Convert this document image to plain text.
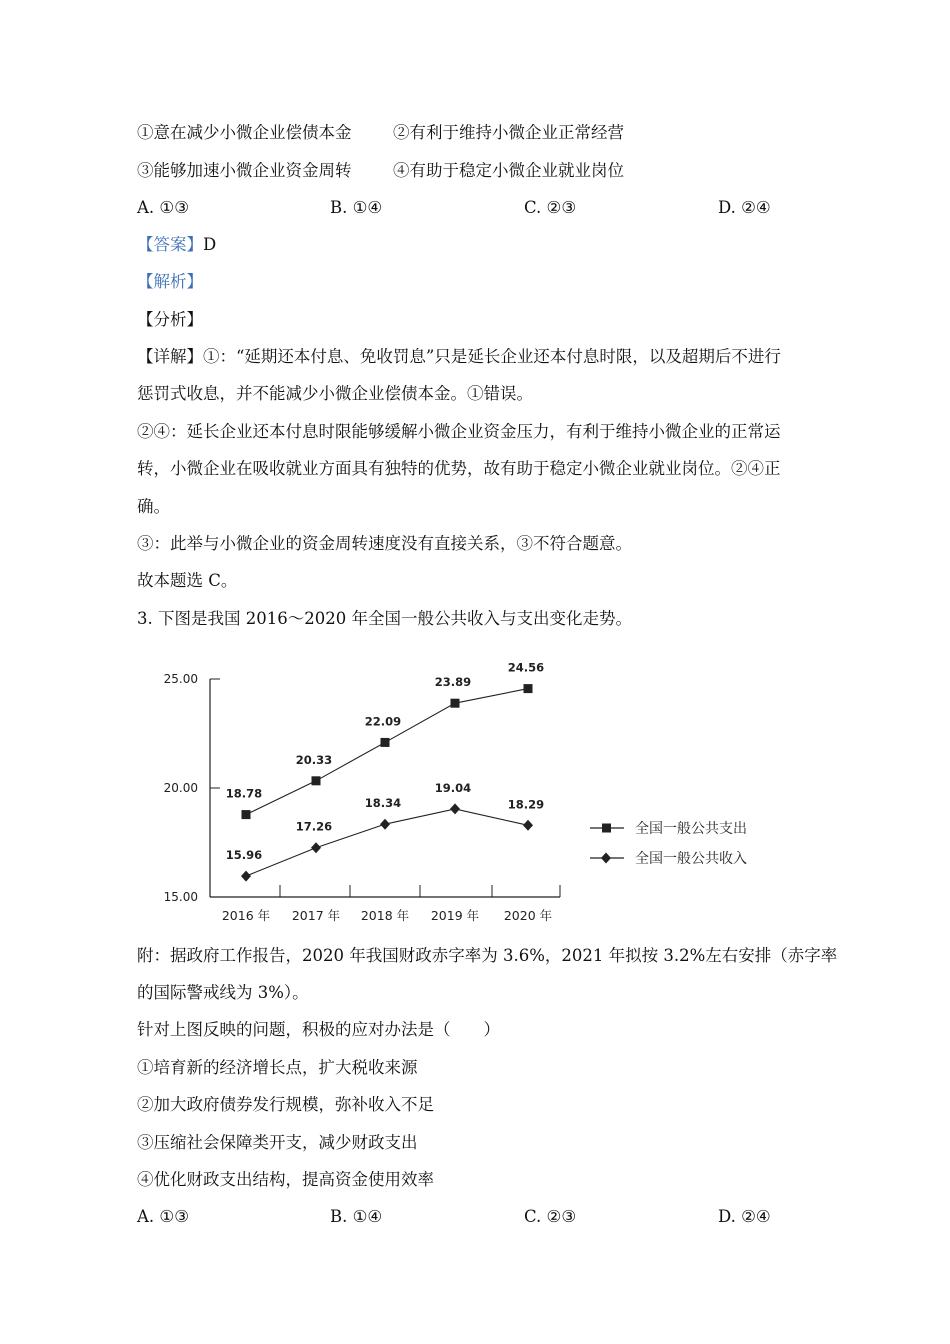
①意在减少小微企业偿债本金	②有利于维持小微企业正常经营
③能够加速小微企业资金周转	④有助于稳定小微企业就业岗位
A. ①③	B. ①④	C. ②③	D. ②④
【答案】D
【解析】
【分析】
【详解】①：“延期还本付息、免收罚息”只是延长企业还本付息时限，以及超期后不进行
惩罚式收息，并不能减少小微企业偿债本金。①错误。
②④：延长企业还本付息时限能够缓解小微企业资金压力，有利于维持小微企业的正常运
转，小微企业在吸收就业方面具有独特的优势，故有助于稳定小微企业就业岗位。②④正
确。
③：此举与小微企业的资金周转速度没有直接关系，③不符合题意。
故本题选 C。
3. 下图是我国 2016～2020 年全国一般公共收入与支出变化走势。
15.00
20.00
25.00
2016 年 2017 年 2018 年 2019 年 2020 年
18.78
20.33
22.09
23.89
24.56
15.96
17.26
18.34
19.04
18.29
全国一般公共支出
全国一般公共收入
附：据政府工作报告，2020 年我国财政赤字率为 3.6%，2021 年拟按 3.2%左右安排（赤字率
的国际警戒线为 3%）。
针对上图反映的问题，积极的应对办法是（　　）
①培育新的经济增长点，扩大税收来源
②加大政府债券发行规模，弥补收入不足
③压缩社会保障类开支，减少财政支出
④优化财政支出结构，提高资金使用效率
A. ①③	B. ①④	C. ②③	D. ②④
